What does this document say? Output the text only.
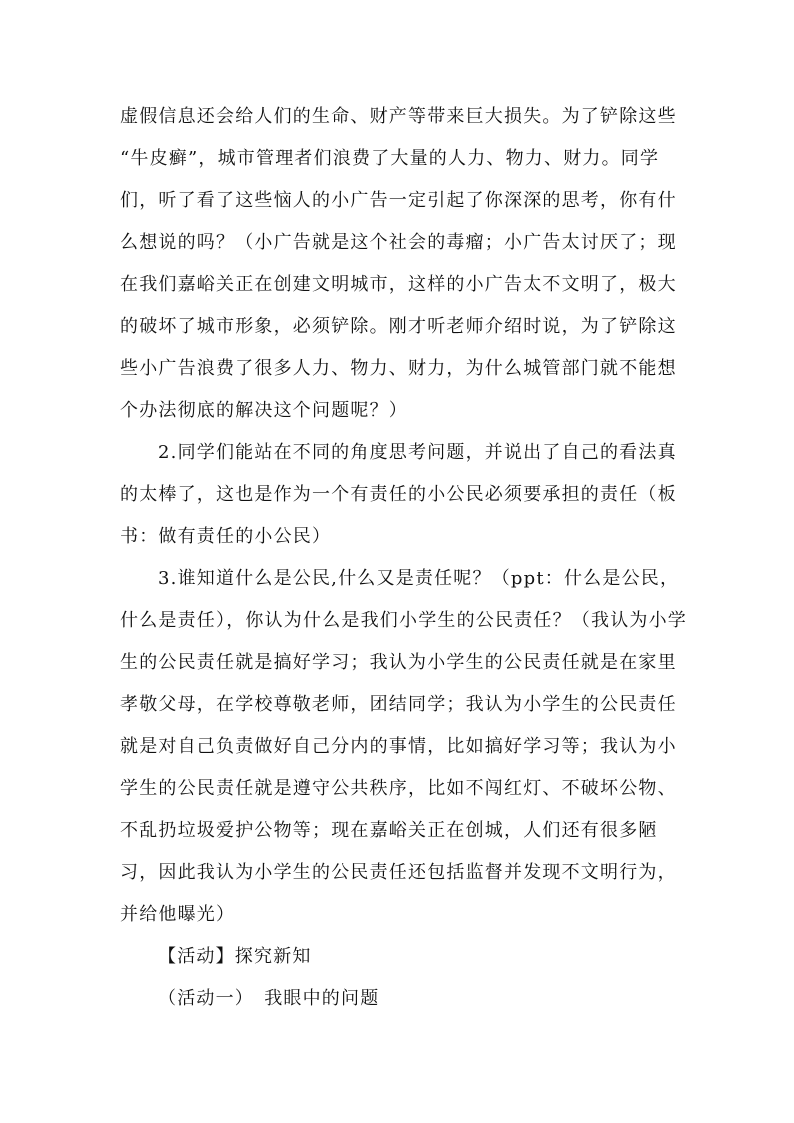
虚假信息还会给人们的生命、财产等带来巨大损失。为了铲除这些
“牛皮癣”，城市管理者们浪费了大量的人力、物力、财力。同学
们，听了看了这些恼人的小广告一定引起了你深深的思考，你有什
么想说的吗？（小广告就是这个社会的毒瘤；小广告太讨厌了；现
在我们嘉峪关正在创建文明城市，这样的小广告太不文明了，极大
的破坏了城市形象，必须铲除。刚才听老师介绍时说，为了铲除这
些小广告浪费了很多人力、物力、财力，为什么城管部门就不能想
个办法彻底的解决这个问题呢？）
2.同学们能站在不同的角度思考问题，并说出了自己的看法真
的太棒了，这也是作为一个有责任的小公民必须要承担的责任（板
书：做有责任的小公民）
3.谁知道什么是公民,什么又是责任呢？（ppt：什么是公民，
什么是责任），你认为什么是我们小学生的公民责任？（我认为小学
生的公民责任就是搞好学习；我认为小学生的公民责任就是在家里
孝敬父母，在学校尊敬老师，团结同学；我认为小学生的公民责任
就是对自己负责做好自己分内的事情，比如搞好学习等；我认为小
学生的公民责任就是遵守公共秩序，比如不闯红灯、不破坏公物、
不乱扔垃圾爱护公物等；现在嘉峪关正在创城，人们还有很多陋
习，因此我认为小学生的公民责任还包括监督并发现不文明行为，
并给他曝光）
【活动】探究新知
（活动一）　我眼中的问题
